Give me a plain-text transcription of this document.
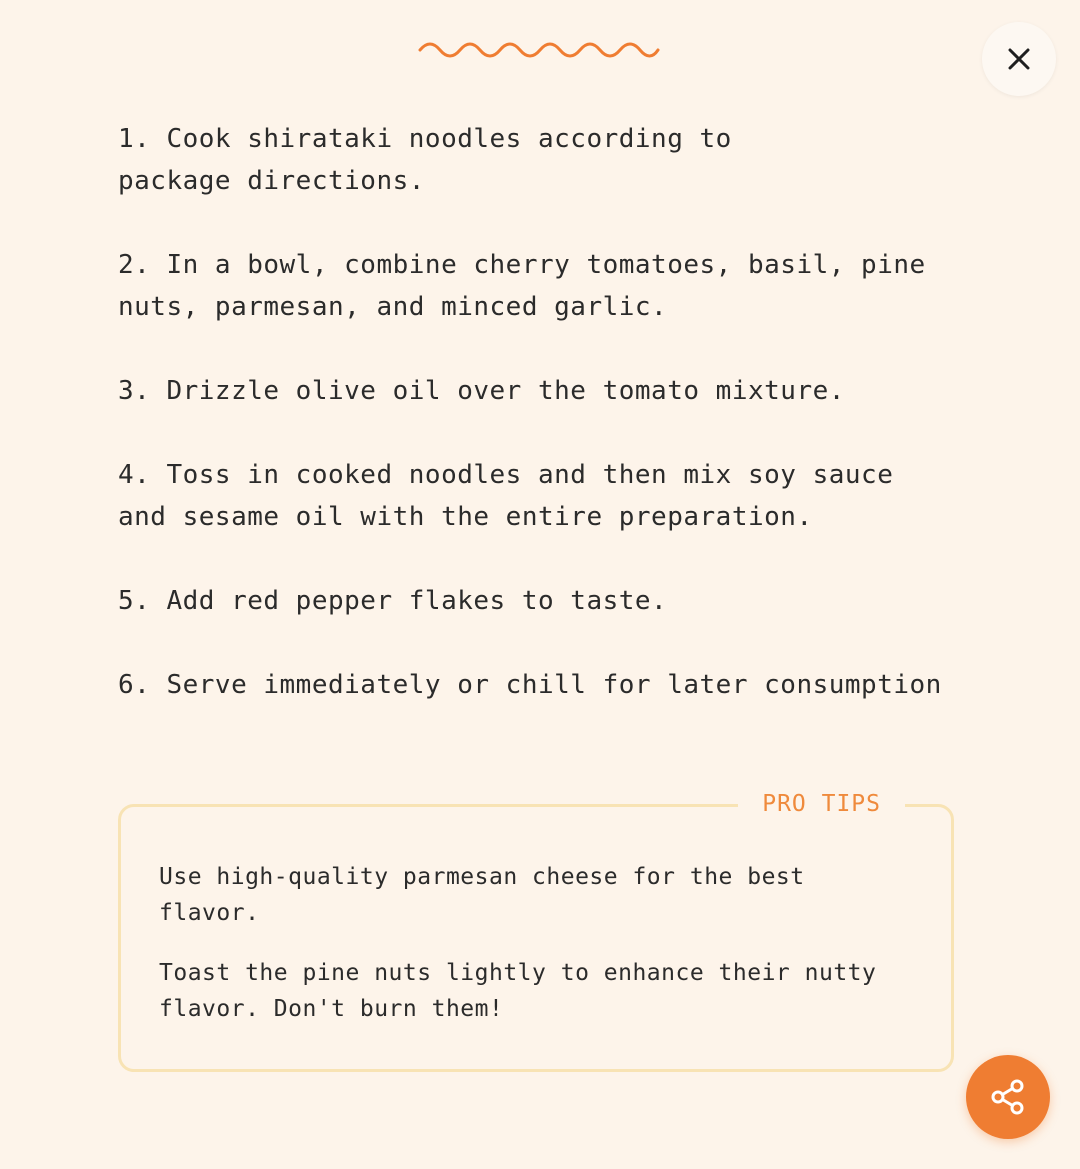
1. Cook shirataki noodles according to
package directions.
2. In a bowl, combine cherry tomatoes, basil, pine
nuts, parmesan, and minced garlic.
3. Drizzle olive oil over the tomato mixture.
4. Toss in cooked noodles and then mix soy sauce
and sesame oil with the entire preparation.
5. Add red pepper flakes to taste.
6. Serve immediately or chill for later consumption
PRO TIPS
Use high-quality parmesan cheese for the best flavor.
Toast the pine nuts lightly to enhance their nutty flavor. Don't burn them!
